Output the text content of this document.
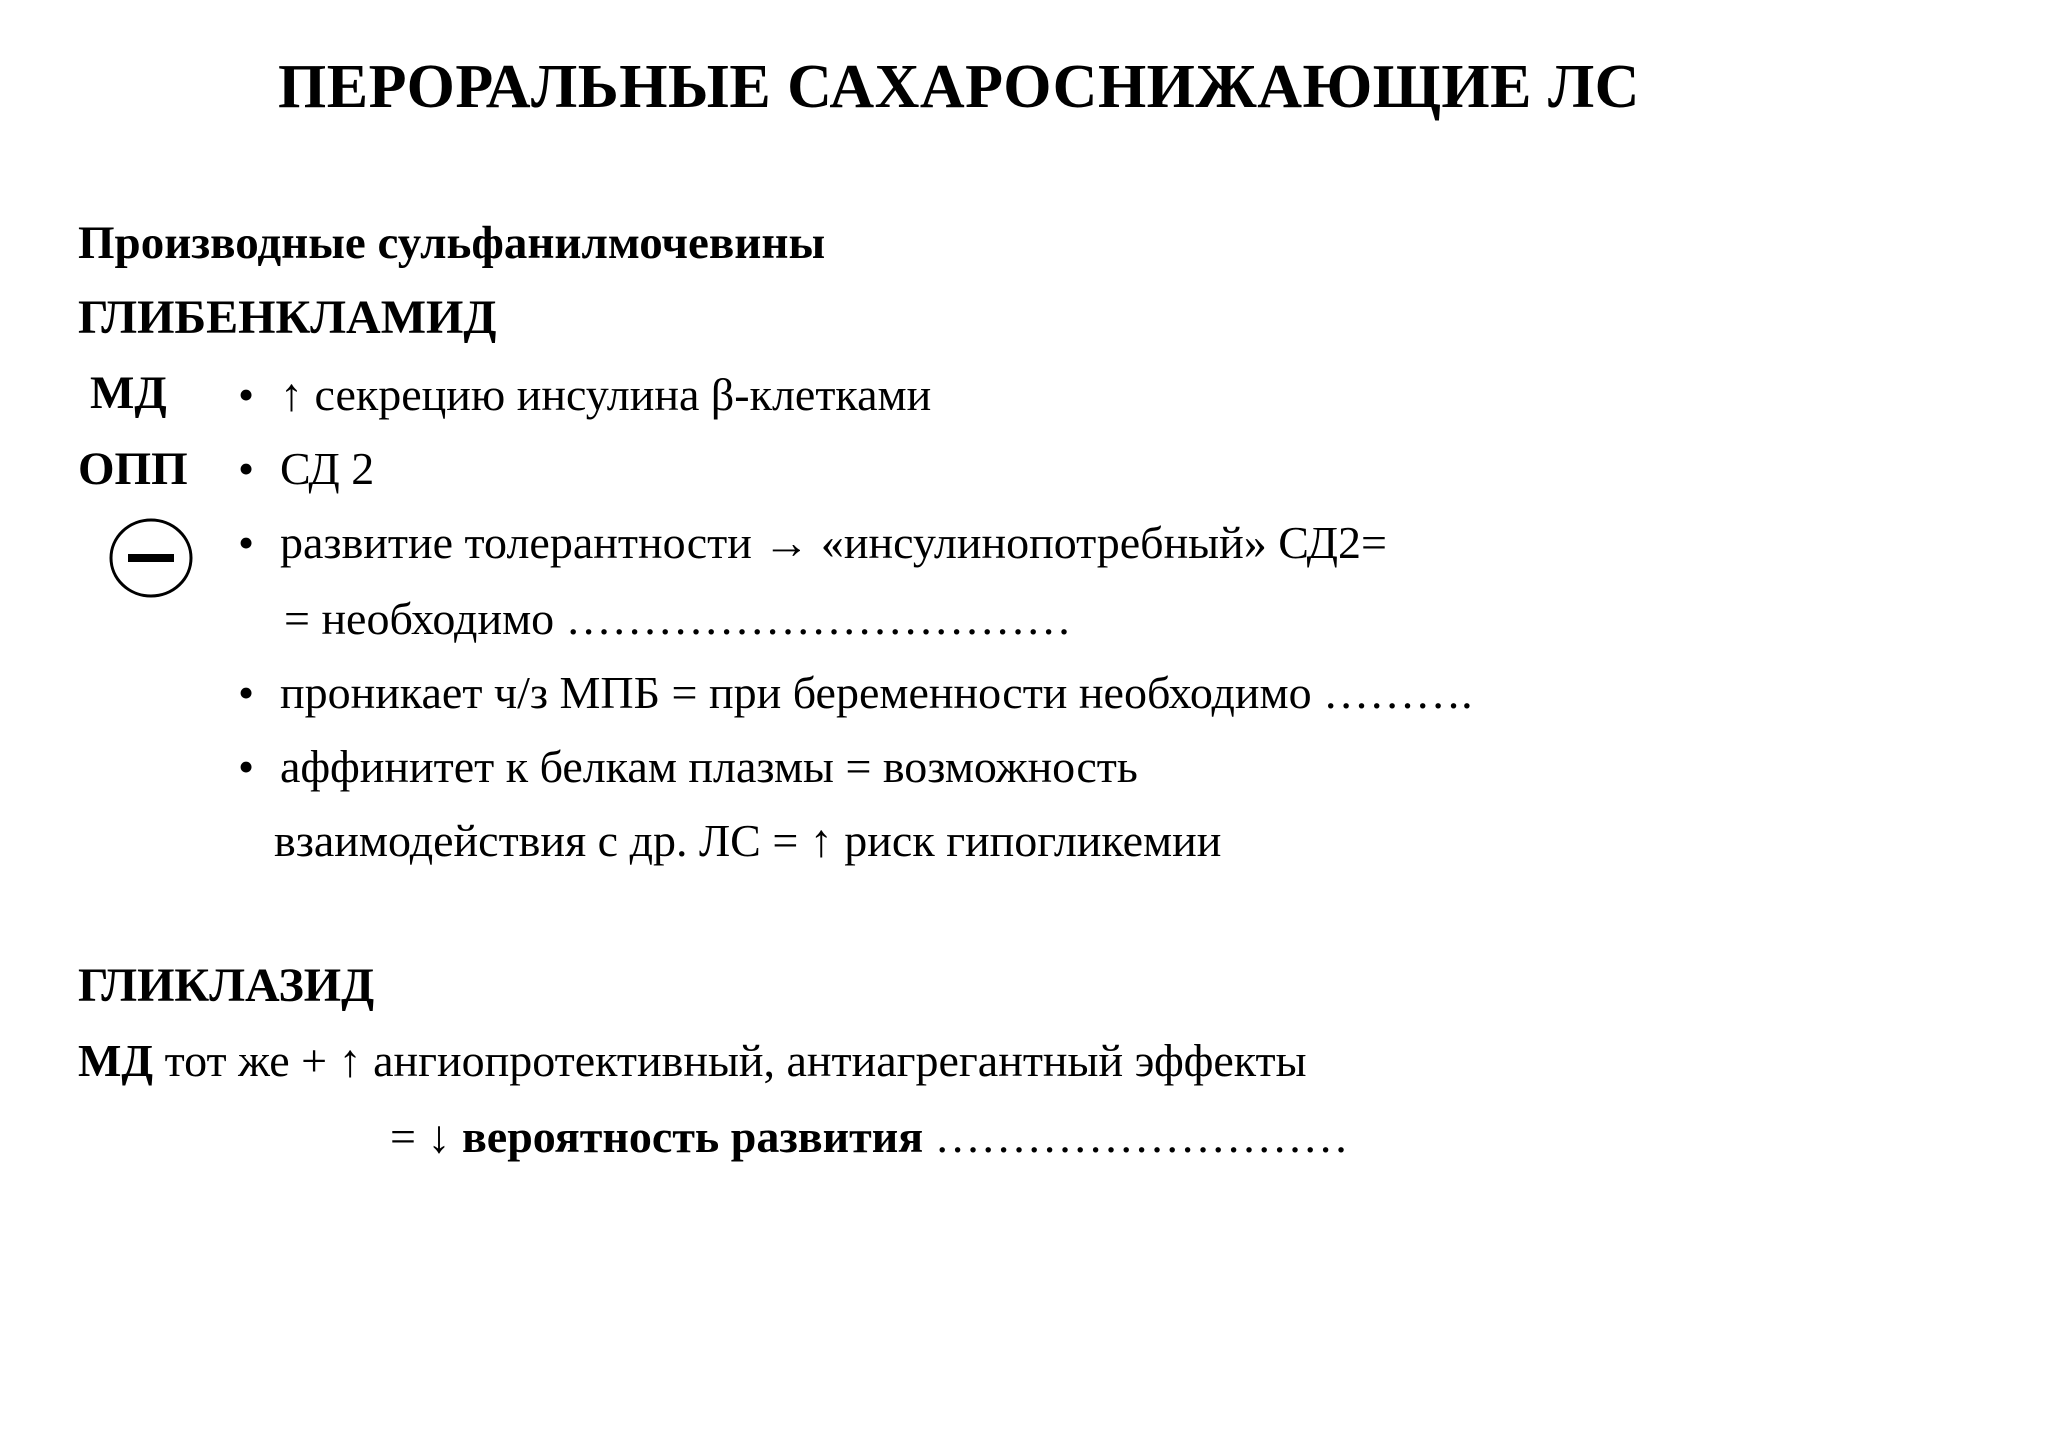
ПЕРОРАЛЬНЫЕ САХАРОСНИЖАЮЩИЕ ЛС
Производные сульфанилмочевины
ГЛИБЕНКЛАМИД
МД • ↑ секрецию инсулина β-клетками
ОПП • СД 2
• развитие толерантности → «инсулинопотребный» СД2=
= необходимо ……………………………
• проникает ч/з МПБ = при беременности необходимо ……….
• аффинитет к белкам плазмы = возможность
взаимодействия с др. ЛС = ↑ риск гипогликемии
ГЛИКЛАЗИД
МД тот же + ↑ ангиопротективный, антиагрегантный эффекты
= ↓ вероятность развития ………………………
